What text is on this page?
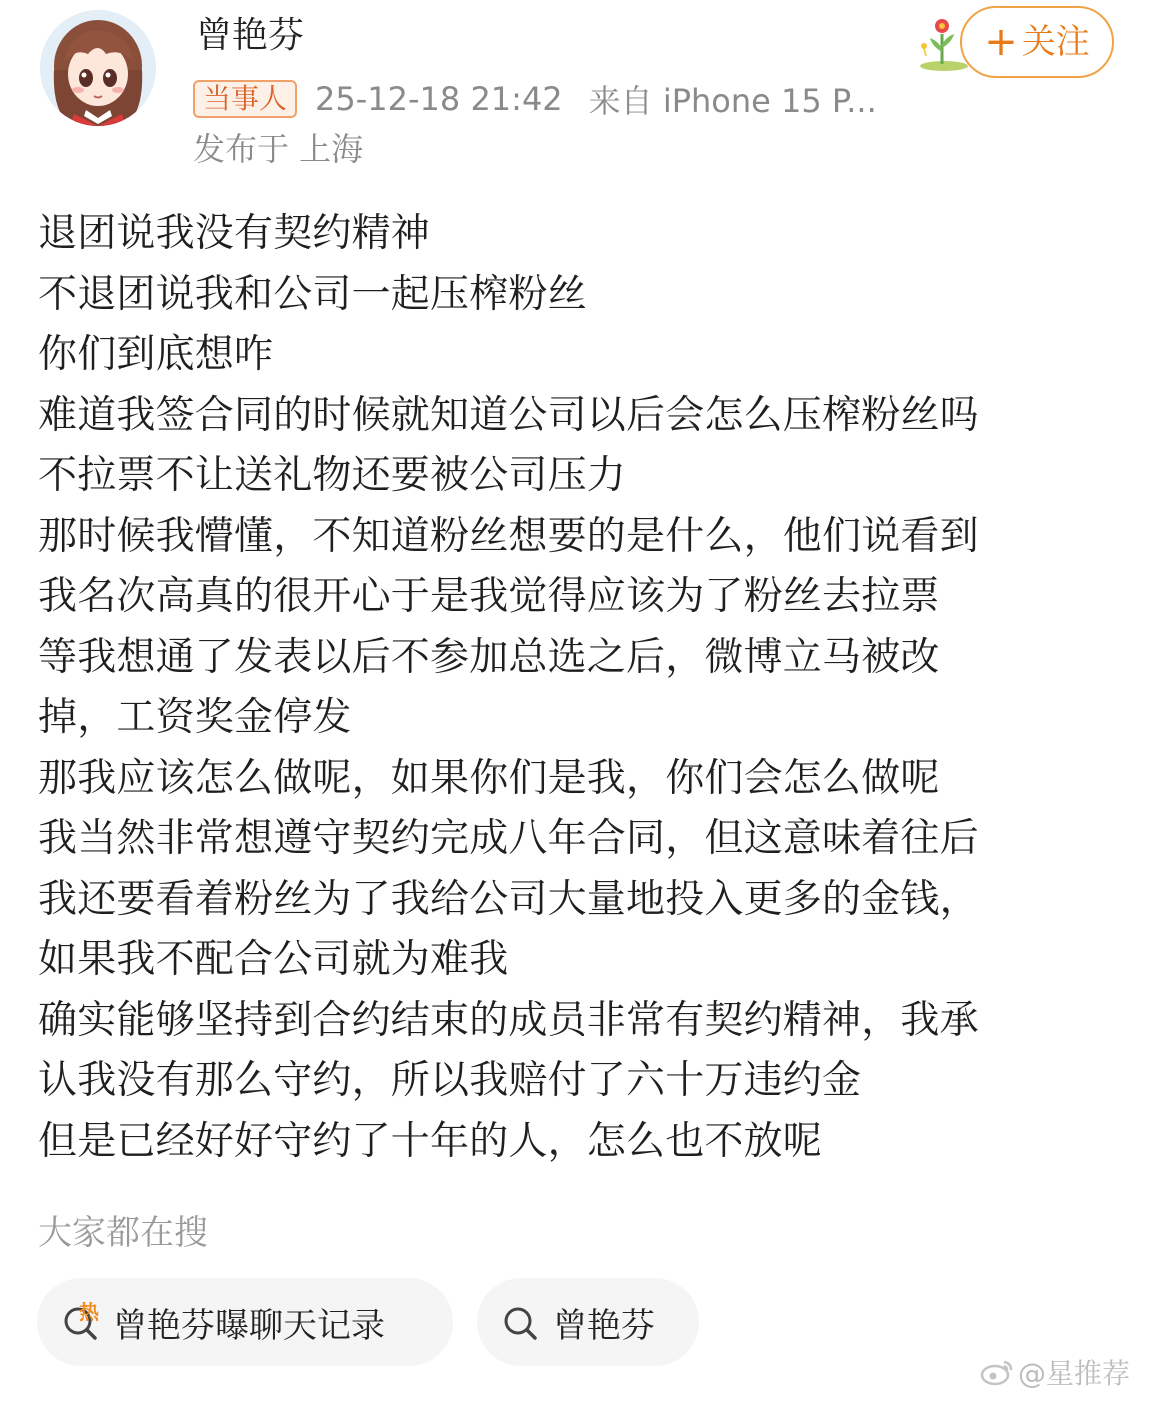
曾艳芬
当事人 25-12-18 21:42 来自 iPhone 15 P...
发布于 上海
+ 关注
退团说我没有契约精神
不退团说我和公司一起压榨粉丝
你们到底想咋
难道我签合同的时候就知道公司以后会怎么压榨粉丝吗
不拉票不让送礼物还要被公司压力
那时候我懵懂，不知道粉丝想要的是什么，他们说看到
我名次高真的很开心于是我觉得应该为了粉丝去拉票
等我想通了发表以后不参加总选之后，微博立马被改
掉，工资奖金停发
那我应该怎么做呢，如果你们是我，你们会怎么做呢
我当然非常想遵守契约完成八年合同，但这意味着往后
我还要看着粉丝为了我给公司大量地投入更多的金钱，
如果我不配合公司就为难我
确实能够坚持到合约结束的成员非常有契约精神，我承
认我没有那么守约，所以我赔付了六十万违约金
但是已经好好守约了十年的人，怎么也不放呢
大家都在搜
热 曾艳芬曝聊天记录	曾艳芬
@星推荐
